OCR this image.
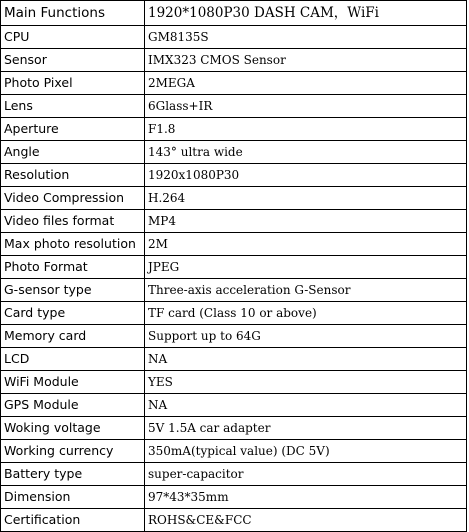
Main Functions	1920*1080P30 DASH CAM，WiFi
CPU	GM8135S
Sensor	IMX323 CMOS Sensor
Photo Pixel	2MEGA
Lens	6Glass+IR
Aperture	F1.8
Angle	143° ultra wide
Resolution	1920x1080P30
Video Compression	H.264
Video files format	MP4
Max photo resolution	2M
Photo Format	JPEG
G-sensor type	Three-axis acceleration G-Sensor
Card type	TF card (Class 10 or above)
Memory card	Support up to 64G
LCD	NA
WiFi Module	YES
GPS Module	NA
Woking voltage	5V 1.5A car adapter
Working currency	350mA(typical value) (DC 5V)
Battery type	super-capacitor
Dimension	97*43*35mm
Certification	ROHS&CE&FCC
